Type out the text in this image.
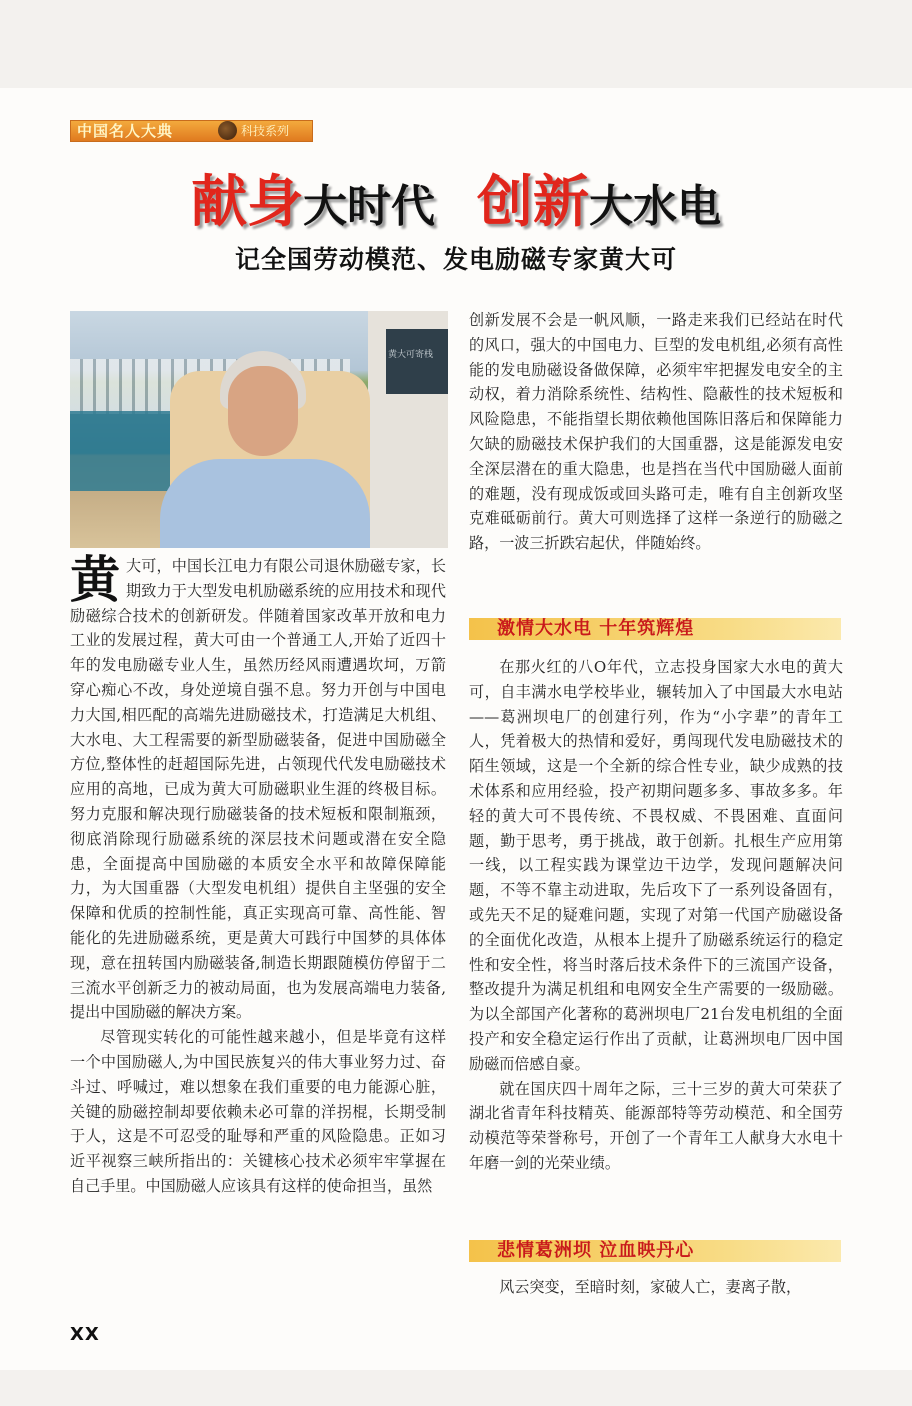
中国名人大典	科技系列
献身大时代 创新大水电
记全国劳动模范、发电励磁专家黄大可
黄大可寄栈

黄大可，中国长江电力有限公司退休励磁专家，长期致力于大型发电机励磁系统的应用技术和现代励磁综合技术的创新研发。伴随着国家改革开放和电力工业的发展过程，黄大可由一个普通工人,开始了近四十年的发电励磁专业人生，虽然历经风雨遭遇坎坷，万箭穿心痴心不改，身处逆境自强不息。努力开创与中国电力大国,相匹配的高端先进励磁技术，打造满足大机组、大水电、大工程需要的新型励磁装备，促进中国励磁全方位,整体性的赶超国际先进，占领现代代发电励磁技术应用的高地，已成为黄大可励磁职业生涯的终极目标。努力克服和解决现行励磁装备的技术短板和限制瓶颈，彻底消除现行励磁系统的深层技术问题或潜在安全隐患，全面提高中国励磁的本质安全水平和故障保障能力，为大国重器（大型发电机组）提供自主坚强的安全保障和优质的控制性能，真正实现高可靠、高性能、智能化的先进励磁系统，更是黄大可践行中国梦的具体体现，意在扭转国内励磁装备,制造长期跟随模仿停留于二三流水平创新乏力的被动局面，也为发展高端电力装备,提出中国励磁的解决方案。

尽管现实转化的可能性越来越小，但是毕竟有这样一个中国励磁人,为中国民族复兴的伟大事业努力过、奋斗过、呼喊过，难以想象在我们重要的电力能源心脏，关键的励磁控制却要依赖未必可靠的洋拐棍，长期受制于人，这是不可忍受的耻辱和严重的风险隐患。正如习近平视察三峡所指出的：关键核心技术必须牢牢掌握在自己手里。中国励磁人应该具有这样的使命担当，虽然

创新发展不会是一帆风顺，一路走来我们已经站在时代的风口，强大的中国电力、巨型的发电机组,必须有高性能的发电励磁设备做保障，必须牢牢把握发电安全的主动权，着力消除系统性、结构性、隐蔽性的技术短板和风险隐患，不能指望长期依赖他国陈旧落后和保障能力欠缺的励磁技术保护我们的大国重器，这是能源发电安全深层潜在的重大隐患，也是挡在当代中国励磁人面前的难题，没有现成饭或回头路可走，唯有自主创新攻坚克难砥砺前行。黄大可则选择了这样一条逆行的励磁之路，一波三折跌宕起伏，伴随始终。

激情大水电 十年筑辉煌

在那火红的八O年代，立志投身国家大水电的黄大可，自丰满水电学校毕业，辗转加入了中国最大水电站——葛洲坝电厂的创建行列，作为“小字辈”的青年工人，凭着极大的热情和爱好，勇闯现代发电励磁技术的陌生领域，这是一个全新的综合性专业，缺少成熟的技术体系和应用经验，投产初期问题多多、事故多多。年轻的黄大可不畏传统、不畏权威、不畏困难、直面问题，勤于思考，勇于挑战，敢于创新。扎根生产应用第一线，以工程实践为课堂边干边学，发现问题解决问题，不等不靠主动进取，先后攻下了一系列设备固有，或先天不足的疑难问题，实现了对第一代国产励磁设备的全面优化改造，从根本上提升了励磁系统运行的稳定性和安全性，将当时落后技术条件下的三流国产设备，整改提升为满足机组和电网安全生产需要的一级励磁。为以全部国产化著称的葛洲坝电厂21台发电机组的全面投产和安全稳定运行作出了贡献，让葛洲坝电厂因中国励磁而倍感自豪。

就在国庆四十周年之际，三十三岁的黄大可荣获了湖北省青年科技精英、能源部特等劳动模范、和全国劳动模范等荣誉称号，开创了一个青年工人献身大水电十年磨一剑的光荣业绩。

悲情葛洲坝 泣血映丹心

风云突变，至暗时刻，家破人亡，妻离子散，

XX
